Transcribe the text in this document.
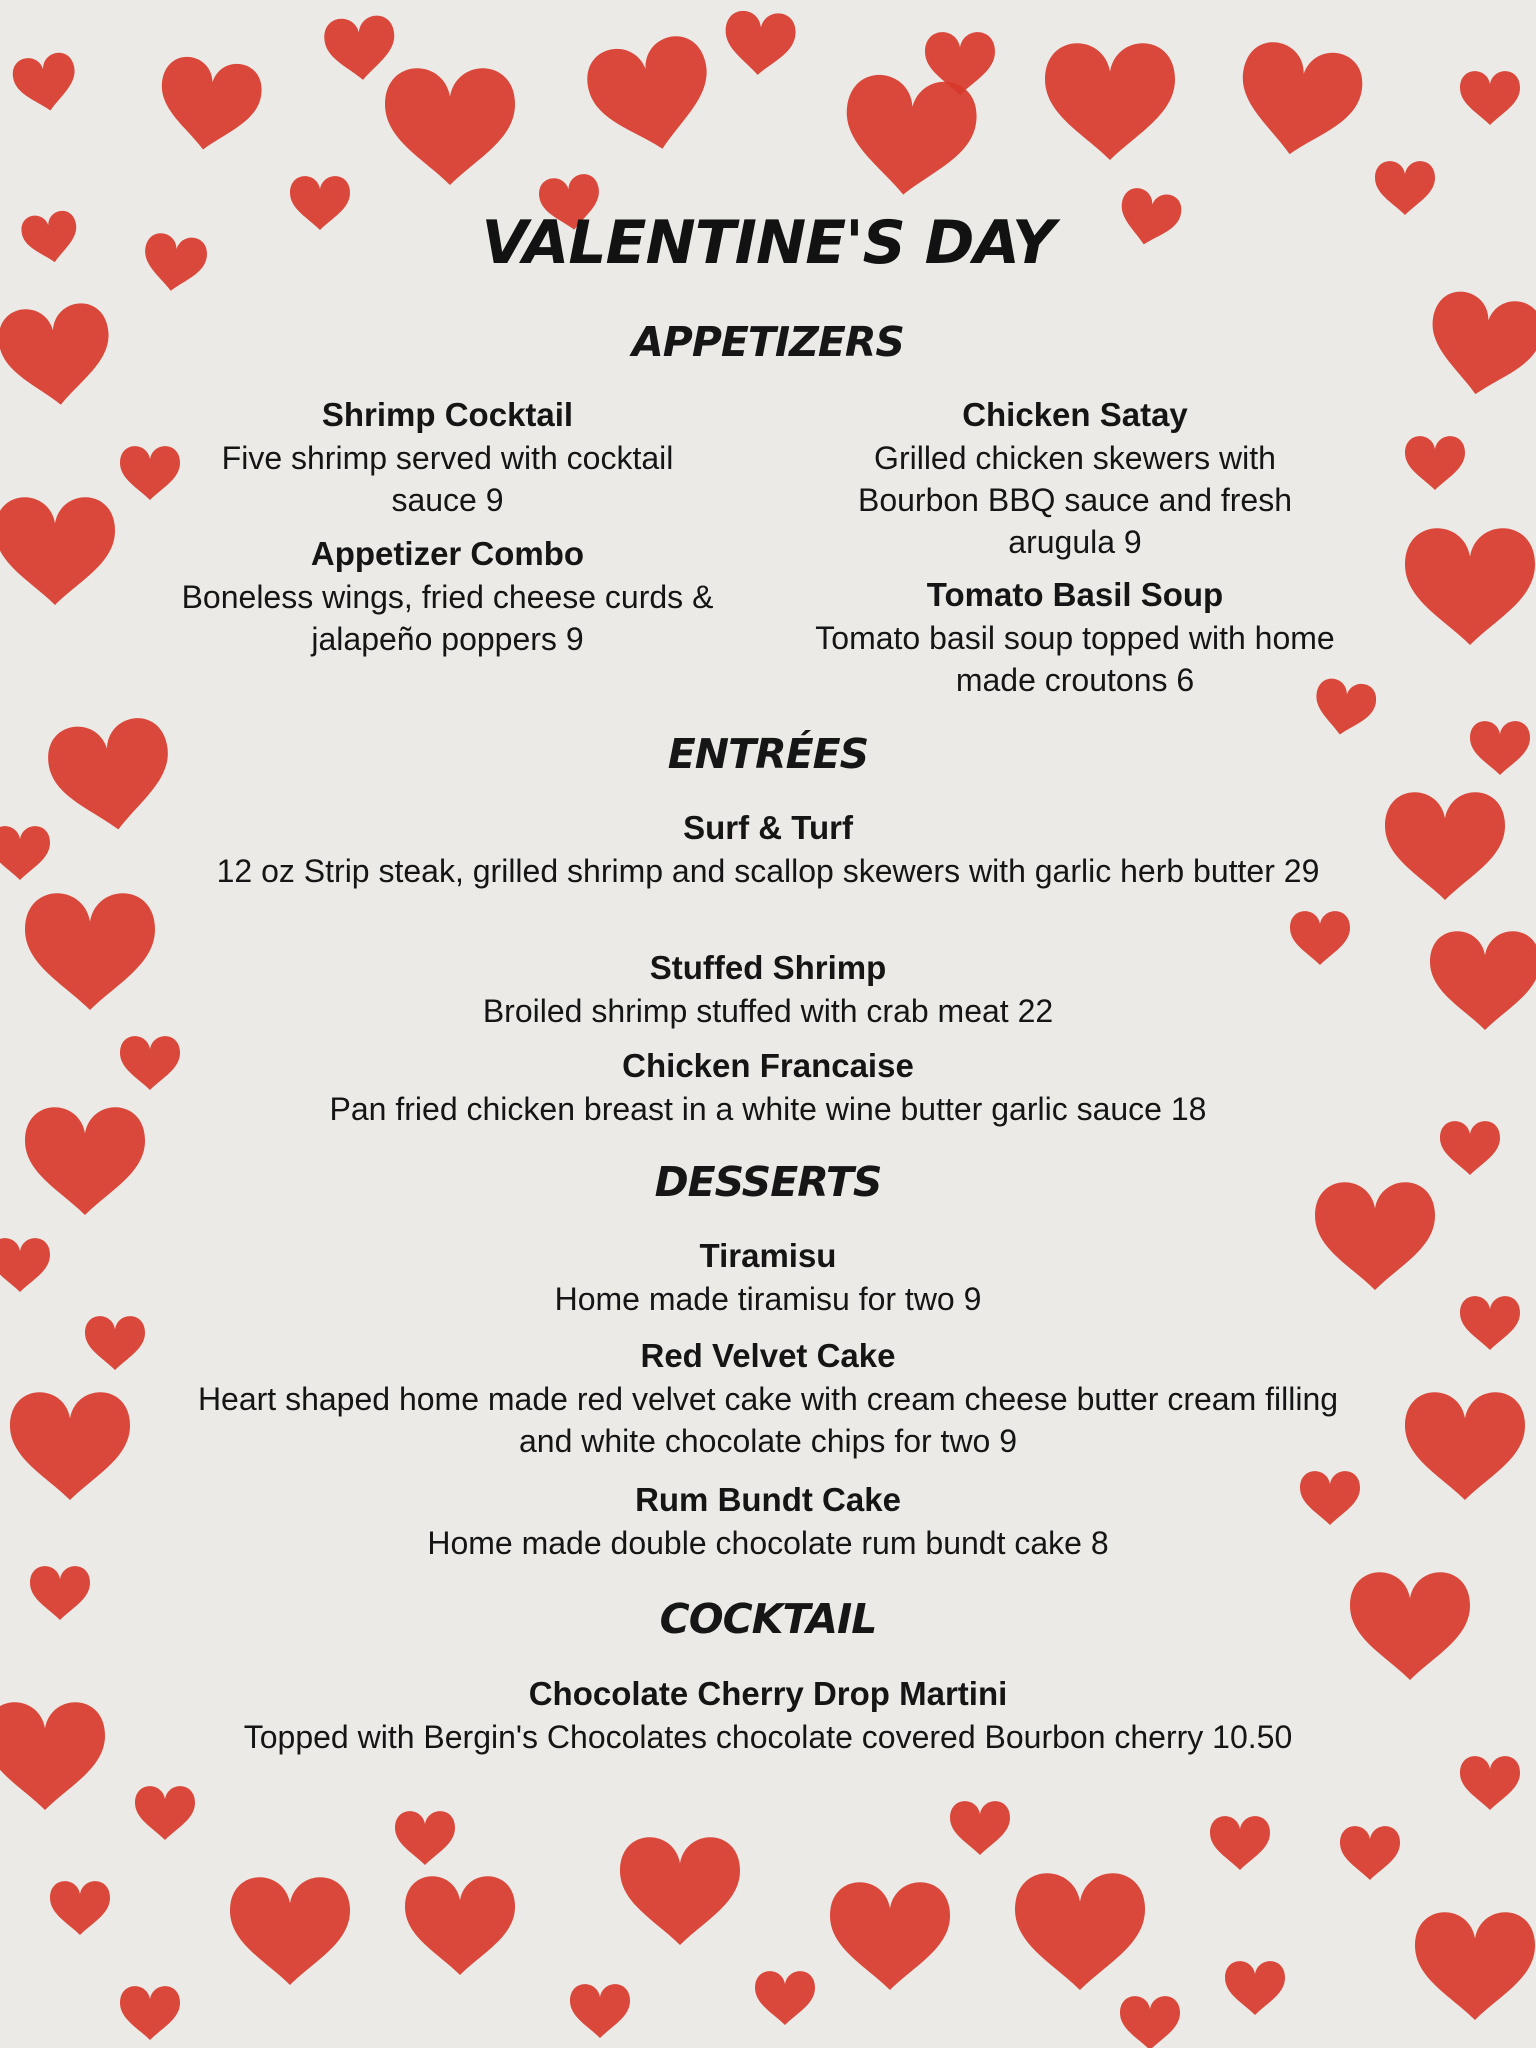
VALENTINE'S DAY
APPETIZERS
Shrimp Cocktail
Five shrimp served with cocktail sauce 9
Appetizer Combo
Boneless wings, fried cheese curds & jalapeño poppers 9
Chicken Satay
Grilled chicken skewers with Bourbon BBQ sauce and fresh arugula 9
Tomato Basil Soup
Tomato basil soup topped with home made croutons 6
ENTRÉES
Surf & Turf
12 oz Strip steak, grilled shrimp and scallop skewers with garlic herb butter 29
Stuffed Shrimp
Broiled shrimp stuffed with crab meat 22
Chicken Francaise
Pan fried chicken breast in a white wine butter garlic sauce 18
DESSERTS
Tiramisu
Home made tiramisu for two 9
Red Velvet Cake
Heart shaped home made red velvet cake with cream cheese butter cream filling and white chocolate chips for two 9
Rum Bundt Cake
Home made double chocolate rum bundt cake 8
COCKTAIL
Chocolate Cherry Drop Martini
Topped with Bergin's Chocolates chocolate covered Bourbon cherry 10.50
